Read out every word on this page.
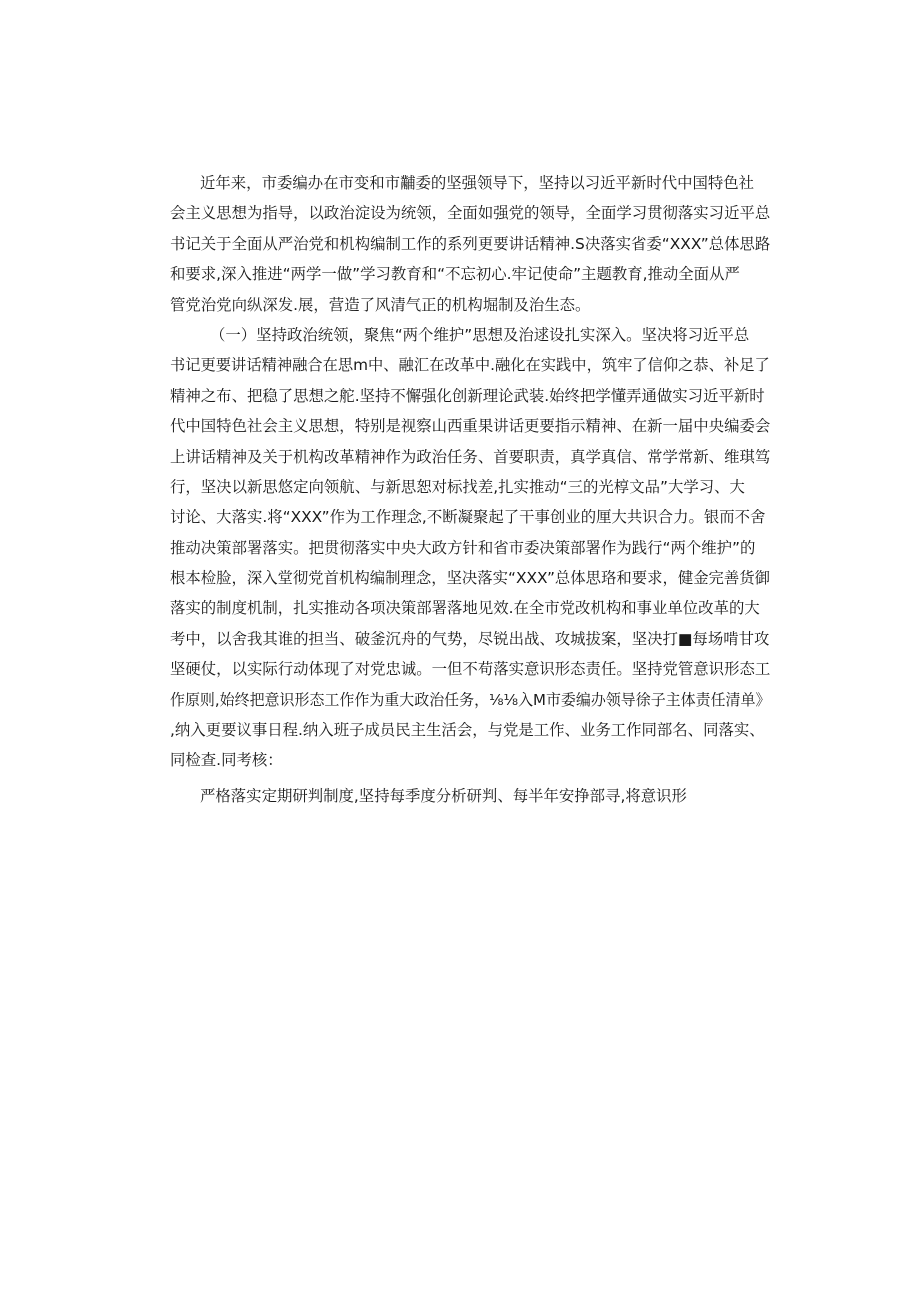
近年来，市委编办在市变和市黼委的坚强领导下，坚持以习近平新时代中国特色社
会主义思想为指导，以政治淀设为统领，全面如强党的领导，全面学习贯彻落实习近平总
书记关于全面从严治党和机构编制工作的系列更要讲话精神.S决落实省委“XXX”总体思路
和要求,深入推进“两学一做”学习教育和“不忘初心.牢记使命”主题教育,推动全面从严
管党治党向纵深发.展，营造了风清气正的机构堀制及治生态。
（一）坚持政治统领，聚焦“两个维护”思想及治逑设扎实深入。坚决将习近平总
书记更要讲话精神融合在思m中、融汇在改革中.融化在实践中，筑牢了信仰之恭、补足了
精神之布、把稳了思想之舵.坚持不懈强化创新理论武装.始终把学懂弄通做实习近平新时
代中国特色社会主义思想，特别是视察山西重果讲话更要指示精神、在新一届中央编委会
上讲话精神及关于机构改革精神作为政治任务、首要职责，真学真信、常学常新、维琪笃
行，坚决以新思悠定向领航、与新思恕对标找差,扎实推动“三的光椁文品”大学习、大
讨论、大落实.将“XXX”作为工作理念,不断凝聚起了干事创业的厘大共识合力。银而不舍
推动决策部署落实。把贯彻落实中央大政方针和省市委决策部署作为践行“两个维护”的
根本检脸，深入堂彻党首机构编制理念，坚决落实“XXX”总体思珞和要求，健金完善货御
落实的制度机制，扎实推动各项决策部署落地见效.在全市党改机构和事业单位改革的大
考中，以舍我其谁的担当、破釜沉舟的气势，尽锐出战、攻城拔案，坚决打■每场啃甘攻
坚硬仗，以实际行动体现了对党忠诚。一但不苟落实意识形态责任。坚持党管意识形态工
作原则,始终把意识形态工作作为重大政治任务，⅛⅛入M市委编办领导徐子主体责任清单》
,纳入更要议事日程.纳入班子成员民主生活会，与党是工作、业务工作同部名、同落实、
同检查.同考核：
严格落实定期研判制度,坚持每季度分析研判、每半年安挣部寻,将意识形
